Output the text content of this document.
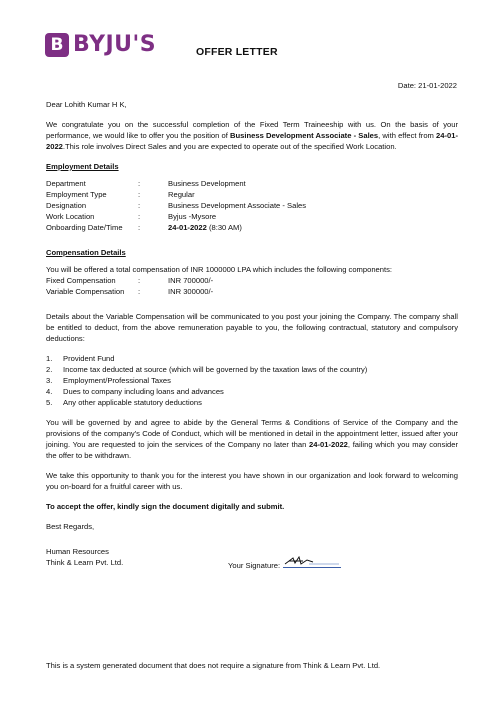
B BYJU'S	OFFER LETTER
Date: 21-01-2022

Dear Lohith Kumar H K,

We congratulate you on the successful completion of the Fixed Term Traineeship with us. On the basis of your performance, we would like to offer you the position of Business Development Associate - Sales, with effect from 24-01-2022.This role involves Direct Sales and you are expected to operate out of the specified Work Location.

Employment Details
Department	:	Business Development
Employment Type	:	Regular
Designation	:	Business Development Associate - Sales
Work Location	:	Byjus -Mysore
Onboarding Date/Time	:	24-01-2022 (8:30 AM)
Compensation Details
You will be offered a total compensation of INR 1000000 LPA which includes the following components:
Fixed Compensation	:	INR 700000/-
Variable Compensation	:	INR 300000/-

Details about the Variable Compensation will be communicated to you post your joining the Company. The company shall be entitled to deduct, from the above remuneration payable to you, the following contractual, statutory and compulsory deductions:

1.	Provident Fund
2.	Income tax deducted at source (which will be governed by the taxation laws of the country)
3.	Employment/Professional Taxes
4.	Dues to company including loans and advances
5.	Any other applicable statutory deductions

You will be governed by and agree to abide by the General Terms & Conditions of Service of the Company and the provisions of the company's Code of Conduct, which will be mentioned in detail in the appointment letter, issued after your joining. You are requested to join the services of the Company no later than 24-01-2022, failing which you may consider the offer to be withdrawn.

We take this opportunity to thank you for the interest you have shown in our organization and look forward to welcoming you on-board for a fruitful career with us.

To accept the offer, kindly sign the document digitally and submit.

Best Regards,

Human Resources
Think & Learn Pvt. Ltd.	Your Signature:
This is a system generated document that does not require a signature from Think & Learn Pvt. Ltd.
